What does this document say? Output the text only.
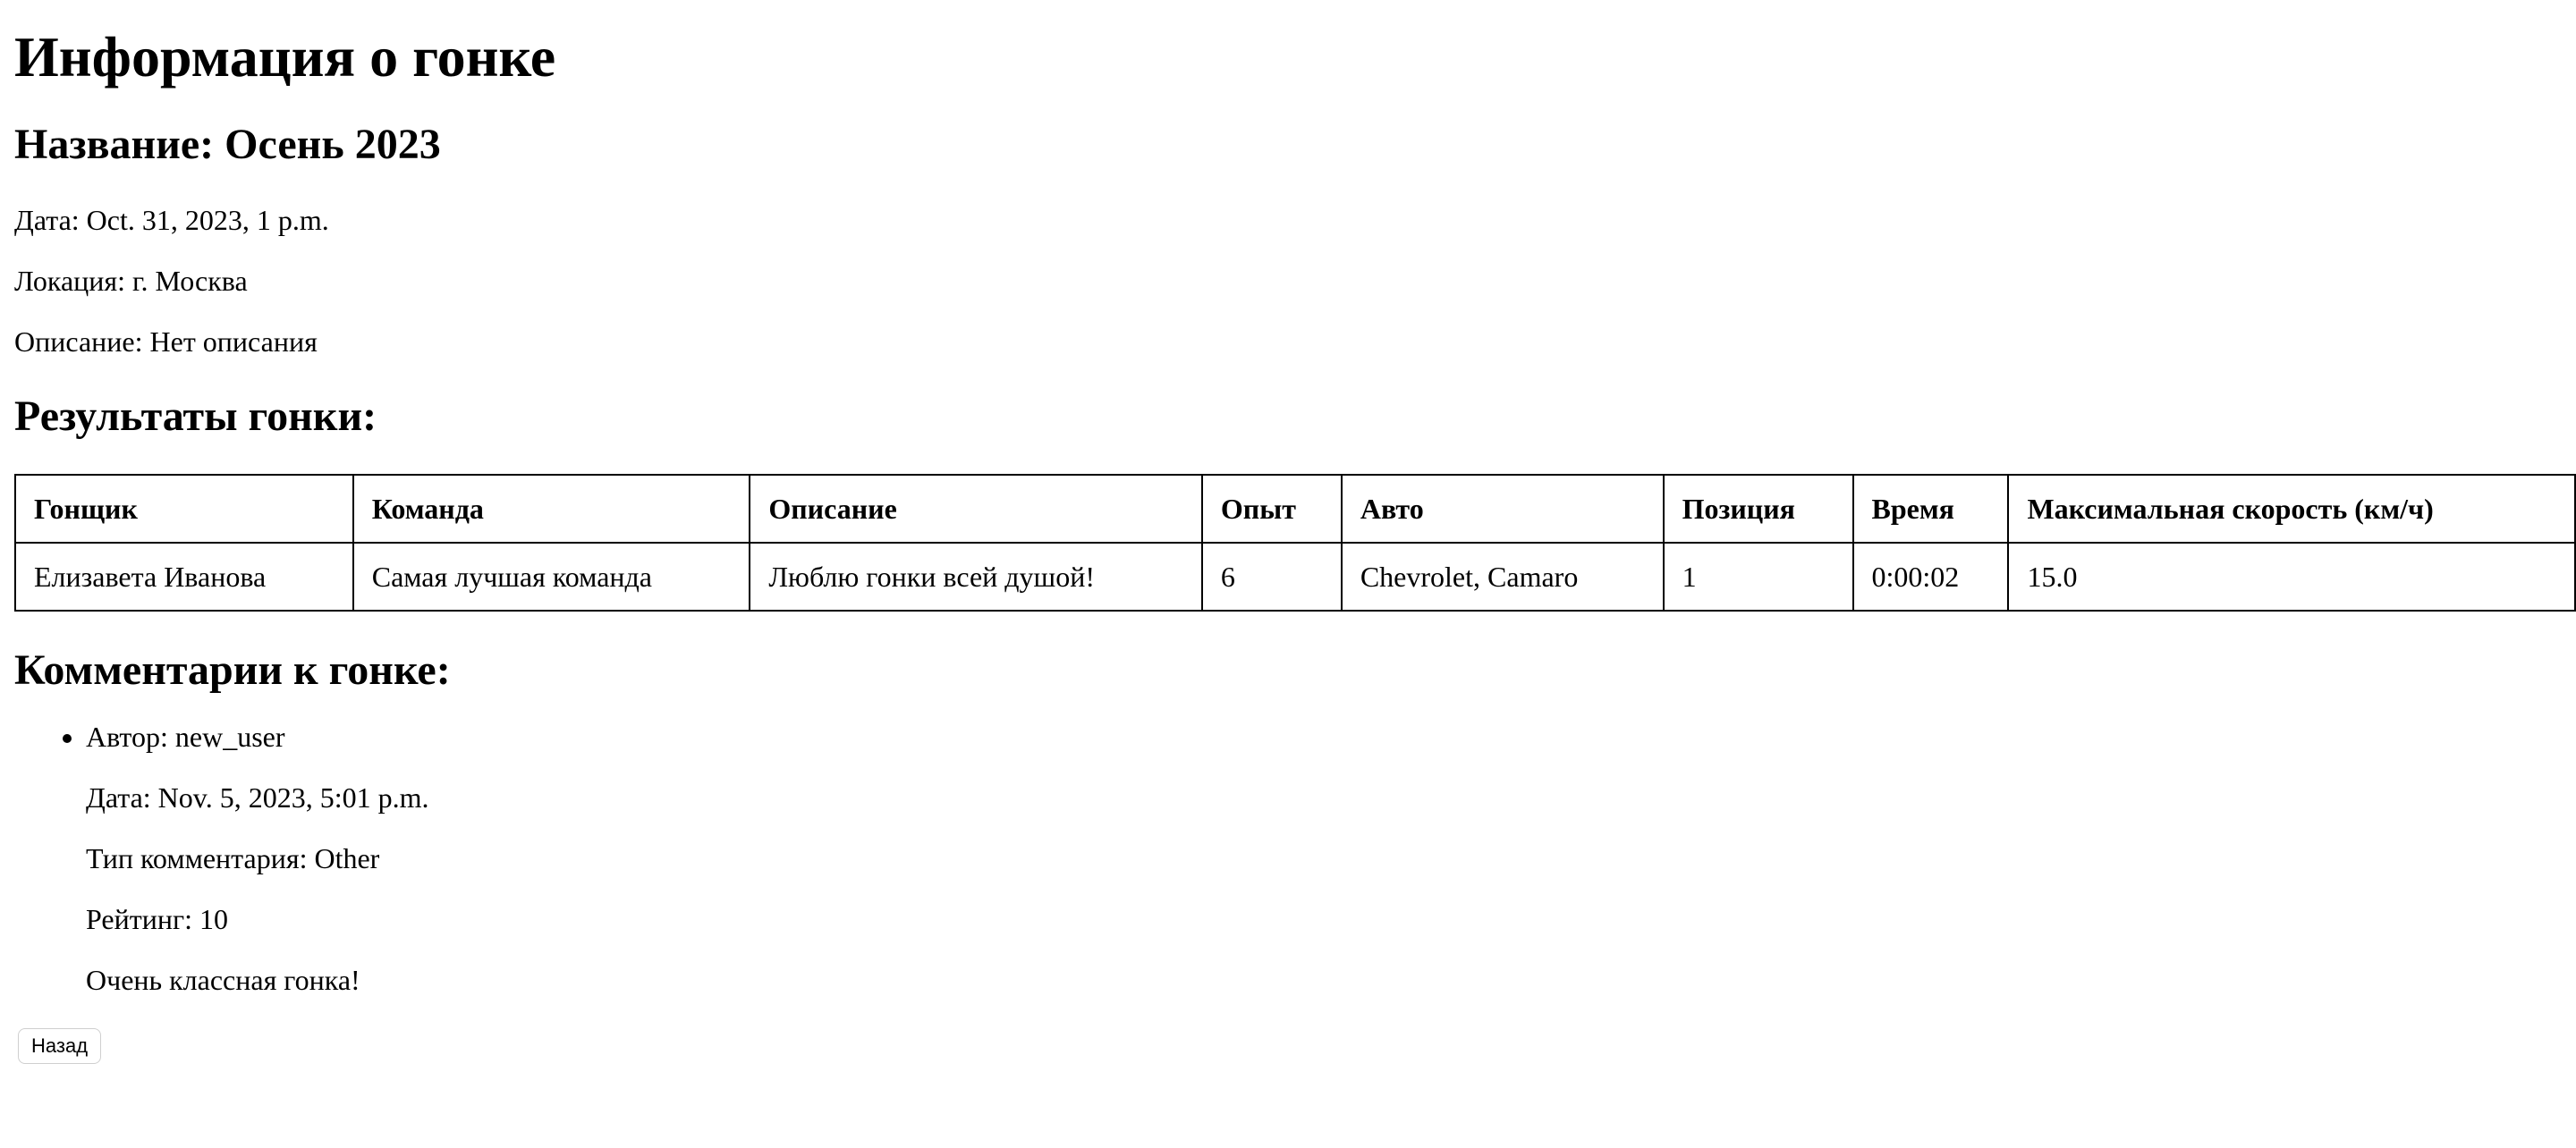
Информация о гонке
Название: Осень 2023

Дата: Oct. 31, 2023, 1 p.m.

Локация: г. Москва

Описание: Нет описания

Результаты гонки:
Гонщик	Команда	Описание	Опыт	Авто	Позиция	Время	Максимальная скорость (км/ч)
Елизавета Иванова	Самая лучшая команда	Люблю гонки всей душой!	6	Chevrolet, Camaro	1	0:00:02	15.0
Комментарии к гонке:
• Автор: new_user

Дата: Nov. 5, 2023, 5:01 p.m.

Тип комментария: Other

Рейтинг: 10

Очень классная гонка!

Назад
